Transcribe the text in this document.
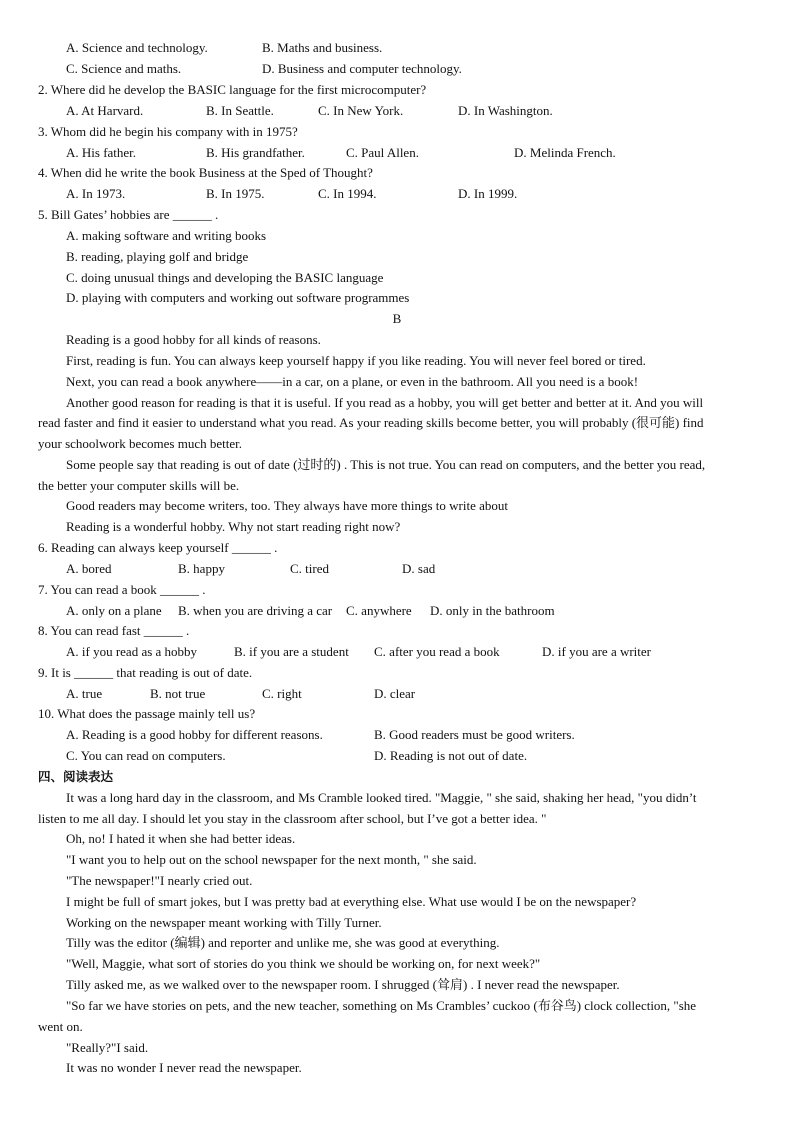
A. Science and technology.	B. Maths and business.
C. Science and maths.	D. Business and computer technology.
2. Where did he develop the BASIC language for the first microcomputer?
A. At Harvard.	B. In Seattle.	C. In New York.	D. In Washington.
3. Whom did he begin his company with in 1975?
A. His father.	B. His grandfather.	C. Paul Allen.	D. Melinda French.
4. When did he write the book Business at the Sped of Thought?
A. In 1973.	B. In 1975.	C. In 1994.	D. In 1999.
5. Bill Gates’ hobbies are ______ .
A. making software and writing books
B. reading, playing golf and bridge
C. doing unusual things and developing the BASIC language
D. playing with computers and working out software programmes
B
Reading is a good hobby for all kinds of reasons.
First, reading is fun. You can always keep yourself happy if you like reading. You will never feel bored or tired.
Next, you can read a book anywhere——in a car, on a plane, or even in the bathroom. All you need is a book!
Another good reason for reading is that it is useful. If you read as a hobby, you will get better and better at it. And you will
read faster and find it easier to understand what you read. As your reading skills become better, you will probably (很可能) find
your schoolwork becomes much better.
Some people say that reading is out of date (过时的) . This is not true. You can read on computers, and the better you read,
the better your computer skills will be.
Good readers may become writers, too. They always have more things to write about
Reading is a wonderful hobby. Why not start reading right now?
6. Reading can always keep yourself ______ .
A. bored	B. happy	C. tired	D. sad
7. You can read a book ______ .
A. only on a plane B. when you are driving a car C. anywhere D. only in the bathroom
8. You can read fast ______ .
A. if you read as a hobby	B. if you are a student C. after you read a book	D. if you are a writer
9. It is ______ that reading is out of date.
A. true	B. not true	C. right	D. clear
10. What does the passage mainly tell us?
A. Reading is a good hobby for different reasons.	B. Good readers must be good writers.
C. You can read on computers.	D. Reading is not out of date.
四、阅读表达
It was a long hard day in the classroom, and Ms Cramble looked tired. "Maggie, " she said, shaking her head, "you didn’t
listen to me all day. I should let you stay in the classroom after school, but I’ve got a better idea. "
Oh, no! I hated it when she had better ideas.
"I want you to help out on the school newspaper for the next month, " she said.
"The newspaper!"I nearly cried out.
I might be full of smart jokes, but I was pretty bad at everything else. What use would I be on the newspaper?
Working on the newspaper meant working with Tilly Turner.
Tilly was the editor (编辑) and reporter and unlike me, she was good at everything.
"Well, Maggie, what sort of stories do you think we should be working on, for next week?"
Tilly asked me, as we walked over to the newspaper room. I shrugged (耸肩) . I never read the newspaper.
"So far we have stories on pets, and the new teacher, something on Ms Crambles’ cuckoo (布谷鸟) clock collection, "she
went on.
"Really?"I said.
It was no wonder I never read the newspaper.
